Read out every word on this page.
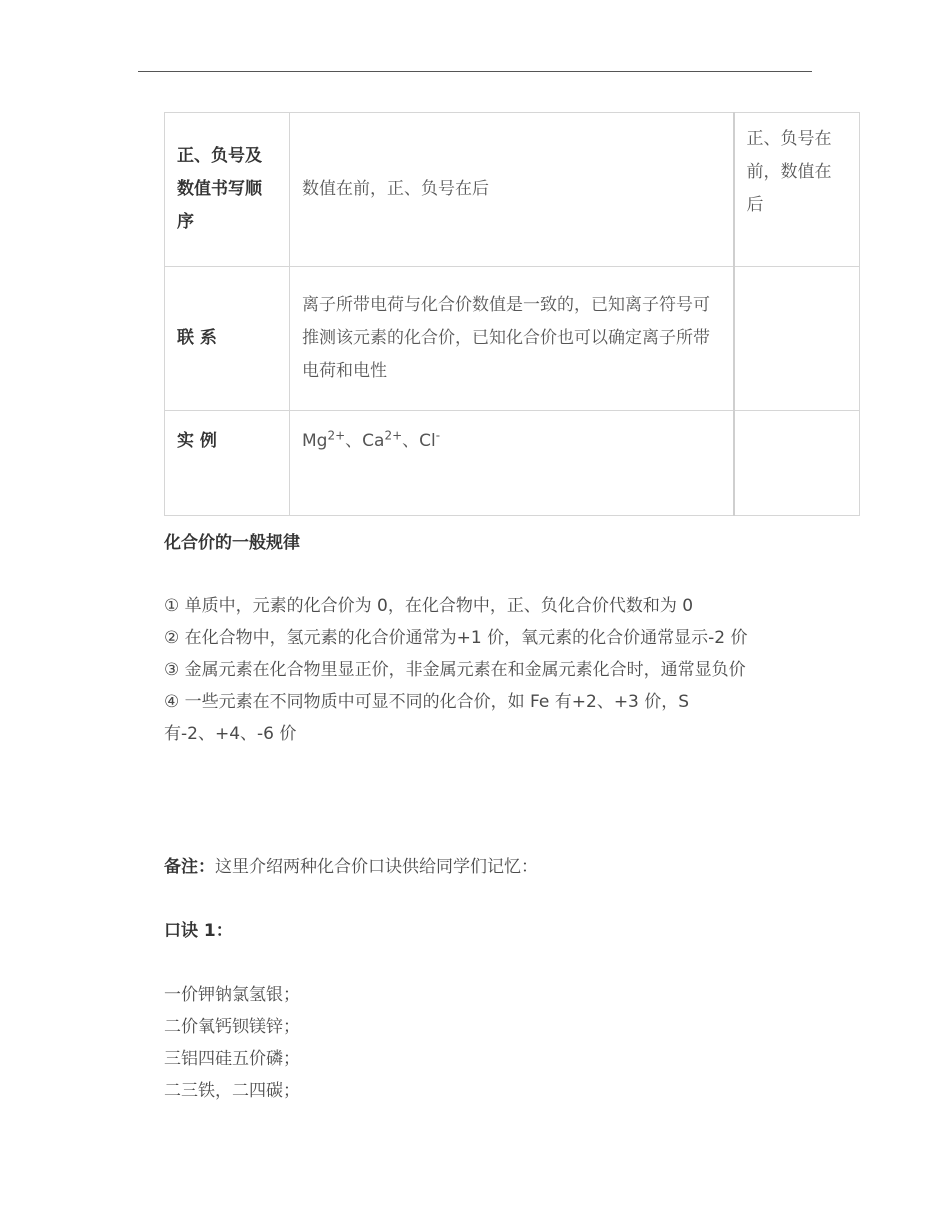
正、负号及数值书写顺序	数值在前，正、负号在后	正、负号在前，数值在后
联 系	离子所带电荷与化合价数值是一致的，已知离子符号可推测该元素的化合价，已知化合价也可以确定离子所带电荷和电性	
实 例	$Mg^{2+}$、$Ca^{2+}$、Cl-	
化合价的一般规律

① 单质中，元素的化合价为 0，在化合物中，正、负化合价代数和为 0

② 在化合物中，氢元素的化合价通常为+1 价，氧元素的化合价通常显示-2 价

③ 金属元素在化合物里显正价，非金属元素在和金属元素化合时，通常显负价

④ 一些元素在不同物质中可显不同的化合价，如 Fe 有+2、+3 价，S 有-2、+4、-6 价

备注：这里介绍两种化合价口诀供给同学们记忆：
口诀 1：

一价钾钠氯氢银；

二价氧钙钡镁锌；

三铝四硅五价磷；

二三铁，二四碳；
